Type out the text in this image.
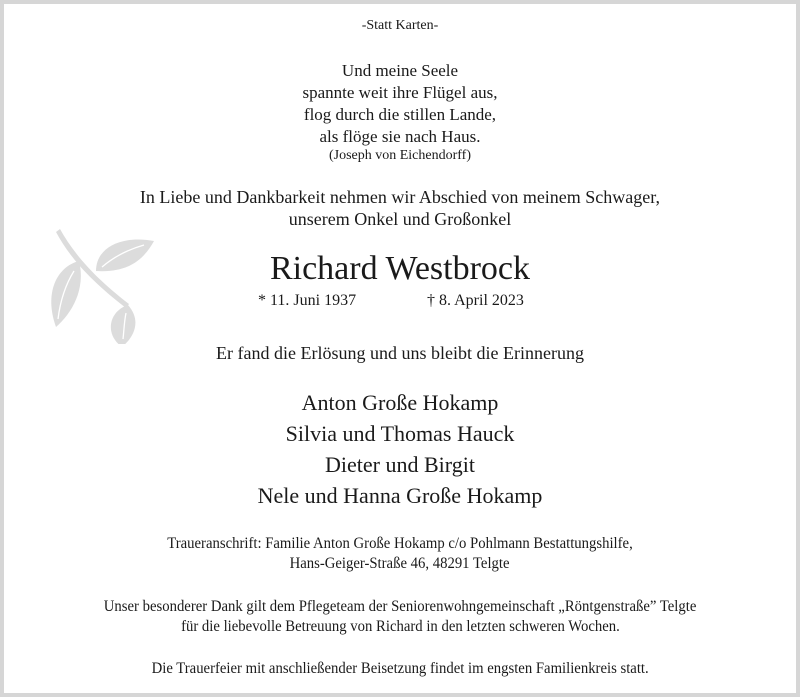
-Statt Karten-
Und meine Seele
spannte weit ihre Flügel aus,
flog durch die stillen Lande,
als flöge sie nach Haus.
(Joseph von Eichendorff)
In Liebe und Dankbarkeit nehmen wir Abschied von meinem Schwager,
unserem Onkel und Großonkel
Richard Westbrock
* 11. Juni 1937	† 8. April 2023
Er fand die Erlösung und uns bleibt die Erinnerung
Anton Große Hokamp
Silvia und Thomas Hauck
Dieter und Birgit
Nele und Hanna Große Hokamp
Traueranschrift: Familie Anton Große Hokamp c/o Pohlmann Bestattungshilfe,
Hans-Geiger-Straße 46, 48291 Telgte
Unser besonderer Dank gilt dem Pflegeteam der Seniorenwohngemeinschaft „Röntgenstraße” Telgte
für die liebevolle Betreuung von Richard in den letzten schweren Wochen.
Die Trauerfeier mit anschließender Beisetzung findet im engsten Familienkreis statt.
